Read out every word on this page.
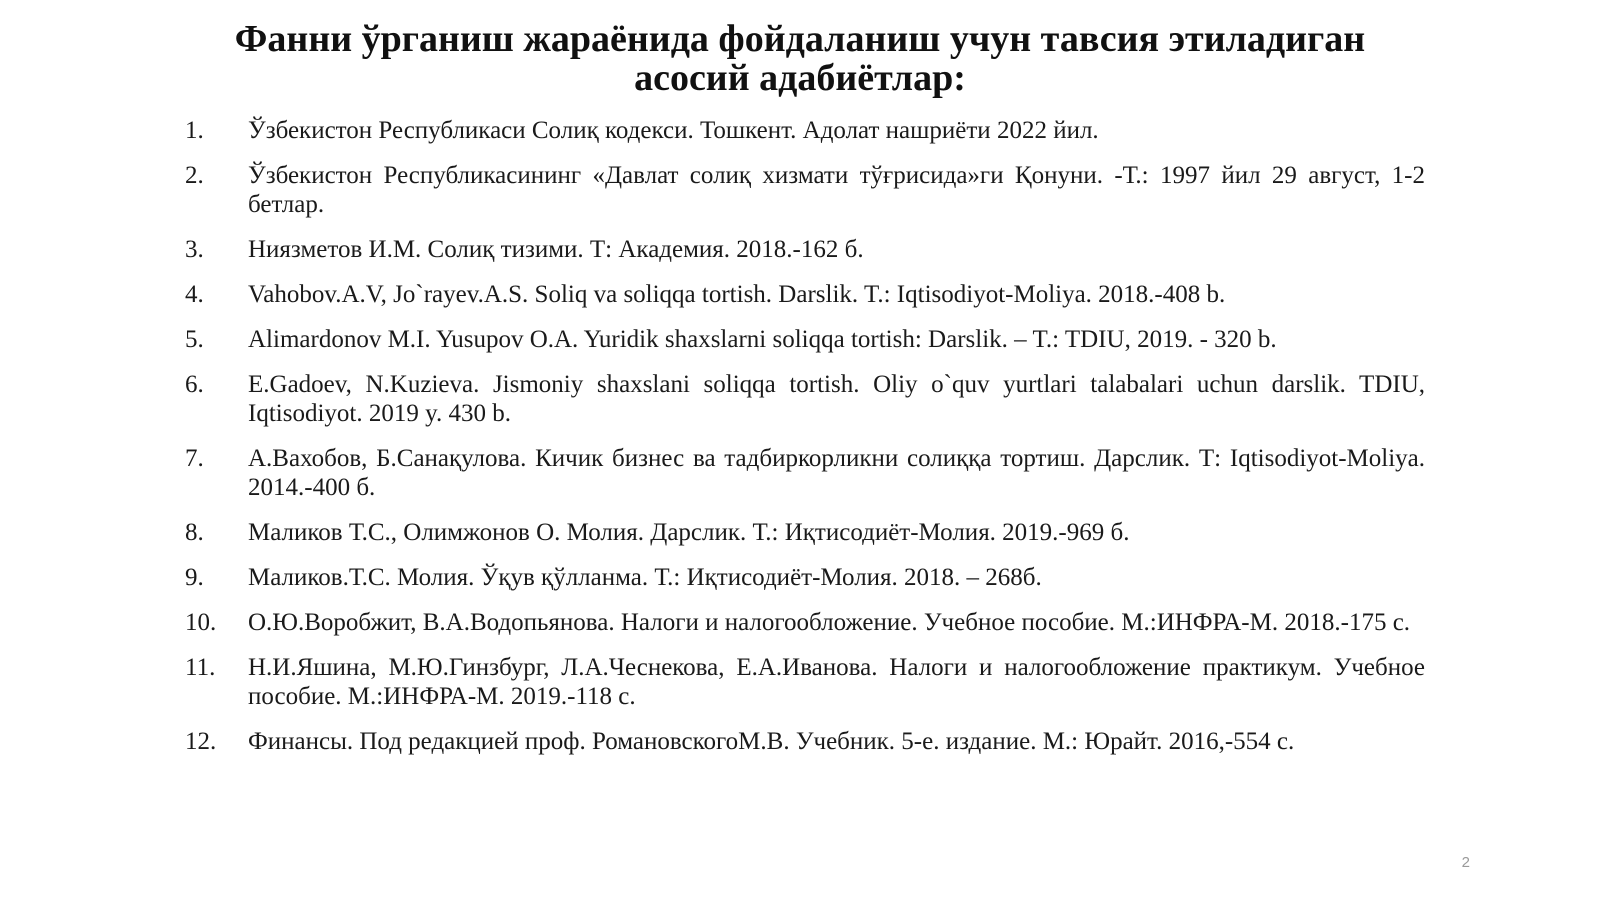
Фанни ўрганиш жараёнида фойдаланиш учун тавсия этиладиган
асосий адабиётлар:
1.	Ўзбекистон Республикаси Солиқ кодекси. Тошкент. Адолат нашриёти 2022 йил.
2.	Ўзбекистон Республикасининг «Давлат солиқ хизмати тўғрисида»ги Қонуни. -Т.: 1997 йил 29 август, 1-2 бетлар.
3.	Ниязметов И.М. Солиқ тизими. Т: Академия. 2018.-162 б.
4.	Vahobov.A.V, Jo`rayev.A.S. Soliq va soliqqa tortish. Darslik. T.: Iqtisodiyot-Moliya. 2018.-408 b.
5.	Alimardonov M.I. Yusupov O.A. Yuridik shaxslarni soliqqa tortish: Darslik. – T.: TDIU, 2019. - 320 b.
6.	E.Gadoev, N.Kuzieva. Jismoniy shaxslani soliqqa tortish. Oliy o`quv yurtlari talabalari uchun darslik. TDIU, Iqtisodiyot. 2019 y. 430 b.
7.	А.Вахобов, Б.Санақулова. Кичик бизнес ва тадбиркорликни солиққа тортиш. Дарслик. Т: Iqtisodiyot-Moliya. 2014.-400 б.
8.	Маликов Т.С., Олимжонов О. Молия. Дарслик. Т.: Иқтисодиёт-Молия. 2019.-969 б.
9.	Маликов.Т.С. Молия. Ўқув қўлланма. Т.: Иқтисодиёт-Молия. 2018. – 268б.
10.	О.Ю.Воробжит, В.А.Водопьянова. Налоги и налогообложение. Учебное пособие. М.:ИНФРА-М. 2018.-175 с.
11.	Н.И.Яшина, М.Ю.Гинзбург, Л.А.Чеснекова, Е.А.Иванова. Налоги и налогообложение практикум. Учебное пособие. М.:ИНФРА-М. 2019.-118 с.
12.	Финансы. Под редакцией проф. РомановскогоМ.В. Учебник. 5-е. издание. М.: Юрайт. 2016,-554 с.
2
